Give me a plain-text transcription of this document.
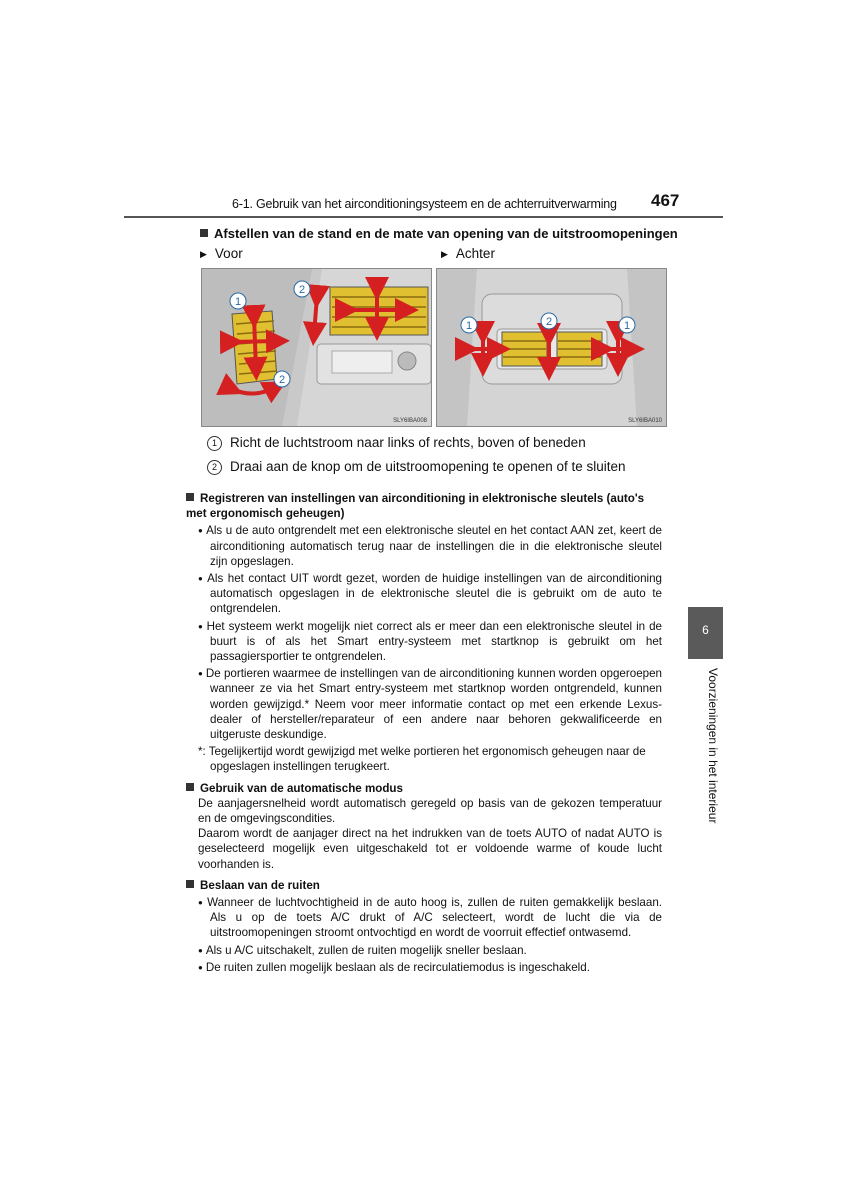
6-1. Gebruik van het airconditioningsysteem en de achterruitverwarming 467
Afstellen van de stand en de mate van opening van de uitstroomopeningen
▶ Voor	▶ Achter
1
2
2
SLY6IBA008
1	2	1
SLY6IBA010
1 Richt de luchtstroom naar links of rechts, boven of beneden
2 Draai aan de knop om de uitstroomopening te openen of te sluiten

Registreren van instellingen van airconditioning in elektronische sleutels (auto's met ergonomisch geheugen)

● Als u de auto ontgrendelt met een elektronische sleutel en het contact AAN zet, keert de airconditioning automatisch terug naar de instellingen die in die elektronische sleutel zijn opgeslagen.

● Als het contact UIT wordt gezet, worden de huidige instellingen van de airconditioning automatisch opgeslagen in de elektronische sleutel die is gebruikt om de auto te ontgrendelen.

● Het systeem werkt mogelijk niet correct als er meer dan een elektronische sleutel in de buurt is of als het Smart entry-systeem met startknop is gebruikt om het passagiersportier te ontgrendelen.

● De portieren waarmee de instellingen van de airconditioning kunnen worden opgeroepen wanneer ze via het Smart entry-systeem met startknop worden ontgrendeld, kunnen worden gewijzigd.* Neem voor meer informatie contact op met een erkende Lexus-dealer of hersteller/reparateur of een andere naar behoren gekwalificeerde en uitgeruste deskundige.

*: Tegelijkertijd wordt gewijzigd met welke portieren het ergonomisch geheugen naar de opgeslagen instellingen terugkeert.

Gebruik van de automatische modus

De aanjagersnelheid wordt automatisch geregeld op basis van de gekozen temperatuur en de omgevingscondities.

Daarom wordt de aanjager direct na het indrukken van de toets AUTO of nadat AUTO is geselecteerd mogelijk even uitgeschakeld tot er voldoende warme of koude lucht voorhanden is.

Beslaan van de ruiten

● Wanneer de luchtvochtigheid in de auto hoog is, zullen de ruiten gemakkelijk beslaan. Als u op de toets A/C drukt of A/C selecteert, wordt de lucht die via de uitstroomopeningen stroomt ontvochtigd en wordt de voorruit effectief ontwasemd.

● Als u A/C uitschakelt, zullen de ruiten mogelijk sneller beslaan.

● De ruiten zullen mogelijk beslaan als de recirculatiemodus is ingeschakeld.

6
Voorzieningen in het interieur
